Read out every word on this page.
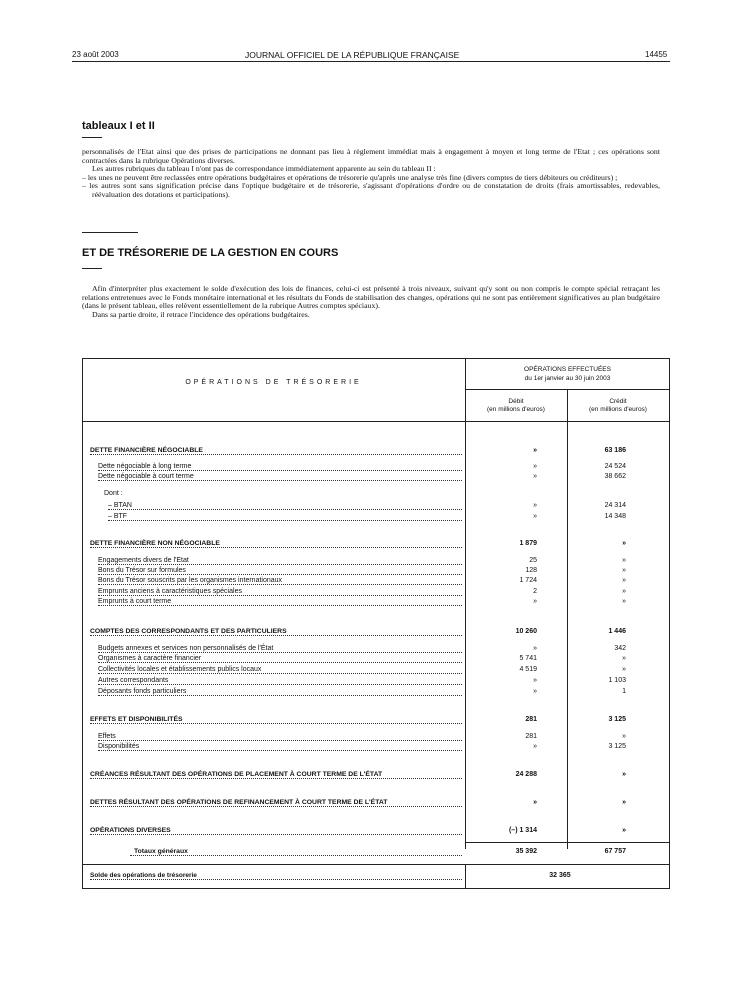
23 août 2003	JOURNAL OFFICIEL DE LA RÉPUBLIQUE FRANÇAISE	14455
tableaux I et II

personnalisés de l'Etat ainsi que des prises de participations ne donnant pas lieu à règlement immédiat mais à engagement à moyen et long terme de l'Etat ; ces opérations sont contractées dans la rubrique Opérations diverses.

Les autres rubriques du tableau I n'ont pas de correspondance immédiatement apparente au sein du tableau II :

– les unes ne peuvent être reclassées entre opérations budgétaires et opérations de trésorerie qu'après une analyse très fine (divers comptes de tiers débiteurs ou créditeurs) ;

– les autres sont sans signification précise dans l'optique budgétaire et de trésorerie, s'agissant d'opérations d'ordre ou de constatation de droits (frais amortissables, redevables, réévaluation des dotations et participations).

ET DE TRÉSORERIE DE LA GESTION EN COURS

Afin d'interpréter plus exactement le solde d'exécution des lois de finances, celui-ci est présenté à trois niveaux, suivant qu'y sont ou non compris le compte spécial retraçant les relations entretenues avec le Fonds monétaire international et les résultats du Fonds de stabilisation des changes, opérations qui ne sont pas entièrement significatives au plan budgétaire (dans le présent tableau, elles relèvent essentiellement de la rubrique Autres comptes spéciaux).

Dans sa partie droite, il retrace l'incidence des opérations budgétaires.

OPÉRATIONS DE TRÉSORERIE
OPÉRATIONS EFFECTUÉES
du 1er janvier au 30 juin 2003
Débit
(en millions d'euros)
Crédit
(en millions d'euros)
DETTE FINANCIÈRE NÉGOCIABLE	»	63 186
Dette négociable à long terme	»	24 524
Dette négociable à court terme	»	38 662
Dont :
– BTAN	»	24 314
– BTF	»	14 348
DETTE FINANCIÈRE NON NÉGOCIABLE	1 879	»
Engagements divers de l'Etat	25	»
Bons du Trésor sur formules	128	»
Bons du Trésor souscrits par les organismes internationaux	1 724	»
Emprunts anciens à caractéristiques spéciales	2	»
Emprunts à court terme	»	»
COMPTES DES CORRESPONDANTS ET DES PARTICULIERS	10 260	1 446
Budgets annexes et services non personnalisés de l'État	»	342
Organismes à caractère financier	5 741	»
Collectivités locales et établissements publics locaux	4 519	»
Autres correspondants	»	1 103
Déposants fonds particuliers	»	1
EFFETS ET DISPONIBILITÉS	281	3 125
Effets	281	»
Disponibilités	»	3 125
CRÉANCES RÉSULTANT DES OPÉRATIONS DE PLACEMENT À COURT TERME DE L'ÉTAT	24 288	»
DETTES RÉSULTANT DES OPÉRATIONS DE REFINANCEMENT À COURT TERME DE L'ÉTAT	»	»
OPÉRATIONS DIVERSES	(–) 1 314	»
Totaux généraux	35 392	67 757
Solde des opérations de trésorerie	32 365
